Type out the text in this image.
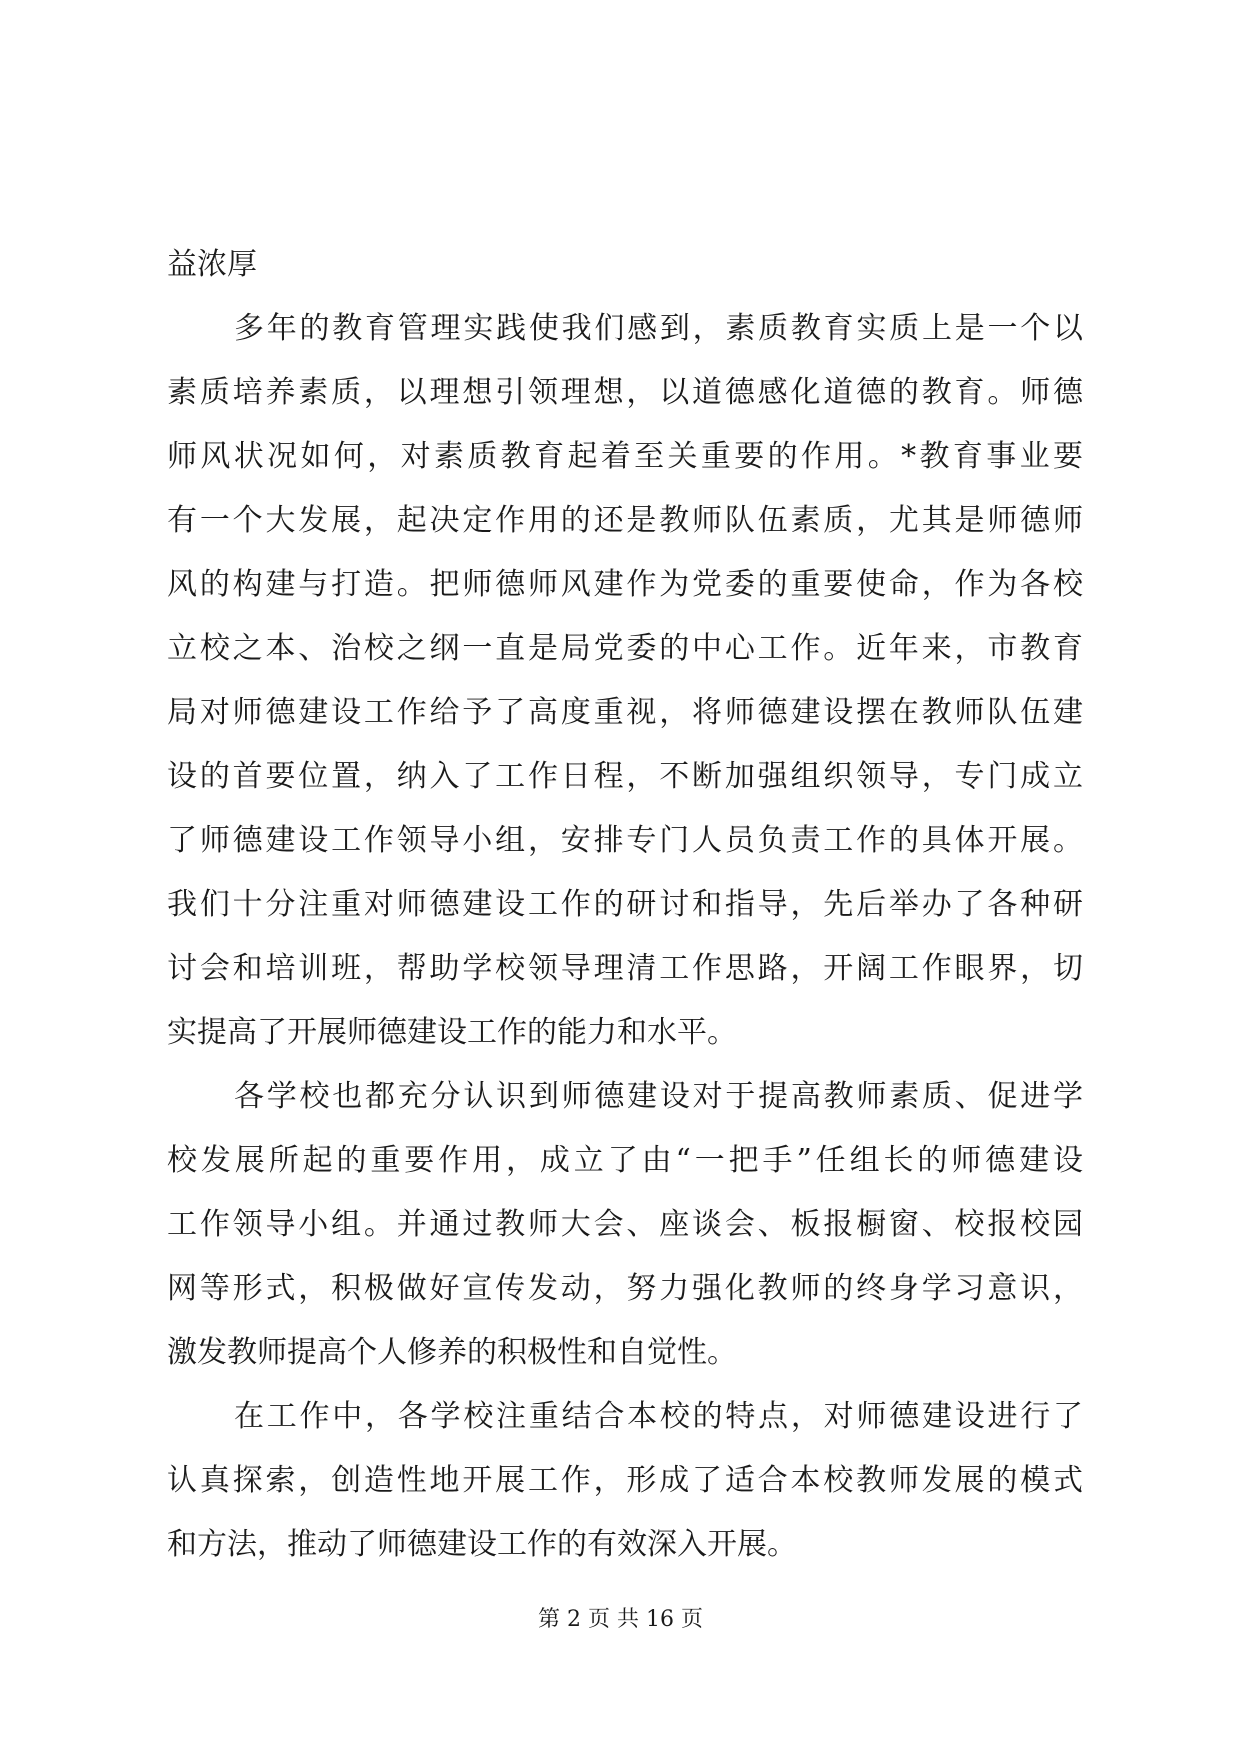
益浓厚
多年的教育管理实践使我们感到，素质教育实质上是一个以
素质培养素质，以理想引领理想，以道德感化道德的教育。师德
师风状况如何，对素质教育起着至关重要的作用。*教育事业要
有一个大发展，起决定作用的还是教师队伍素质，尤其是师德师
风的构建与打造。把师德师风建作为党委的重要使命，作为各校
立校之本、治校之纲一直是局党委的中心工作。近年来，市教育
局对师德建设工作给予了高度重视，将师德建设摆在教师队伍建
设的首要位置，纳入了工作日程，不断加强组织领导，专门成立
了师德建设工作领导小组，安排专门人员负责工作的具体开展。
我们十分注重对师德建设工作的研讨和指导，先后举办了各种研
讨会和培训班，帮助学校领导理清工作思路，开阔工作眼界，切
实提高了开展师德建设工作的能力和水平。
各学校也都充分认识到师德建设对于提高教师素质、促进学
校发展所起的重要作用，成立了由“一把手”任组长的师德建设
工作领导小组。并通过教师大会、座谈会、板报橱窗、校报校园
网等形式，积极做好宣传发动，努力强化教师的终身学习意识，
激发教师提高个人修养的积极性和自觉性。
在工作中，各学校注重结合本校的特点，对师德建设进行了
认真探索，创造性地开展工作，形成了适合本校教师发展的模式
和方法，推动了师德建设工作的有效深入开展。
第 2 页 共 16 页
